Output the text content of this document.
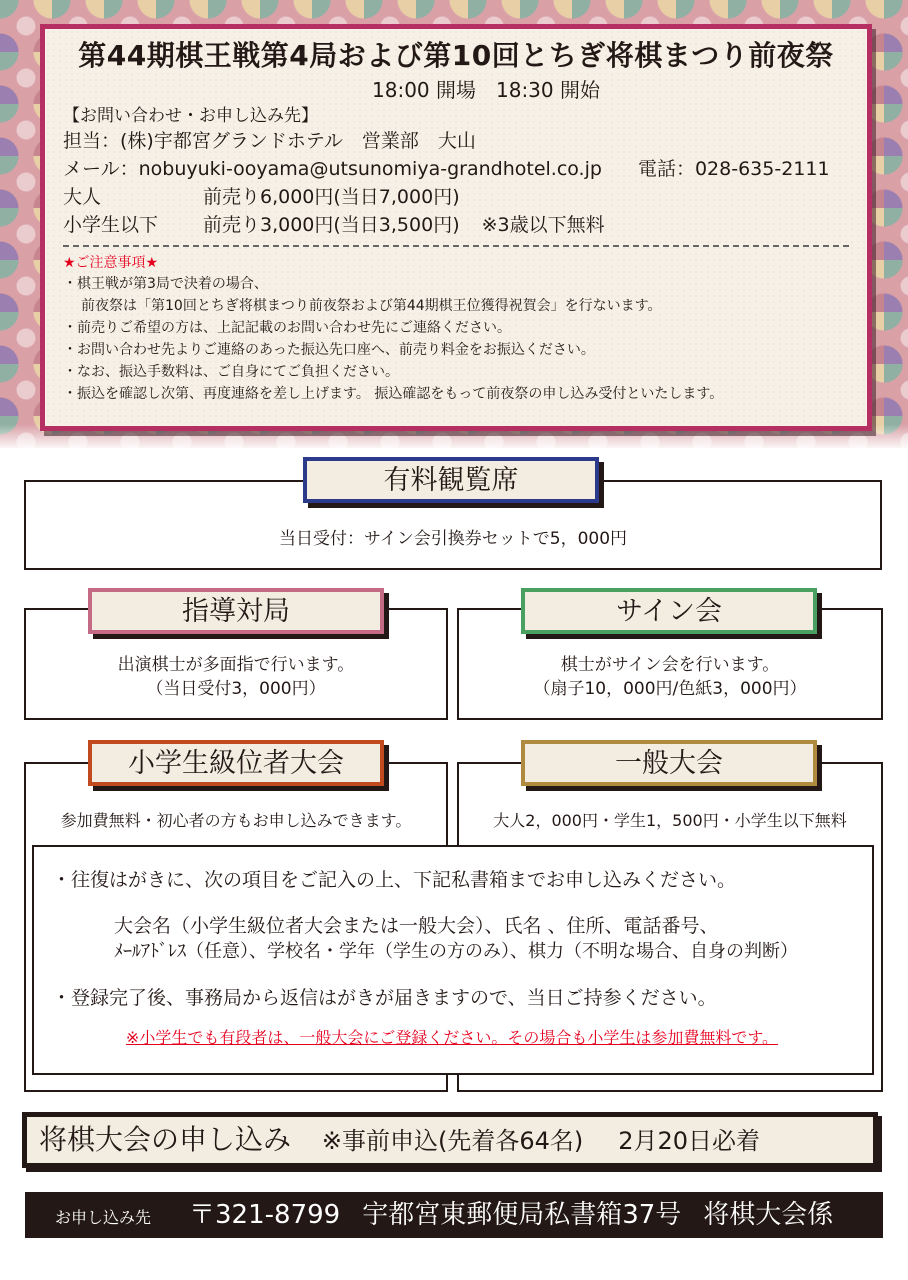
第44期棋王戦第4局および第10回とちぎ将棋まつり前夜祭
18:00 開場　18:30 開始
【お問い合わせ・お申し込み先】
担当：(株)宇都宮グランドホテル　営業部　大山
メール：nobuyuki-ooyama@utsunomiya-grandhotel.co.jp 電話：028-635-2111
大人	前売り6,000円(当日7,000円)
小学生以下 前売り3,000円(当日3,500円) ※3歳以下無料
★ご注意事項★
・棋王戦が第3局で決着の場合、
前夜祭は「第10回とちぎ将棋まつり前夜祭および第44期棋王位獲得祝賀会」を行ないます。
・前売りご希望の方は、上記記載のお問い合わせ先にご連絡ください。
・お問い合わせ先よりご連絡のあった振込先口座へ、前売り料金をお振込ください。
・なお、振込手数料は、ご自身にてご負担ください。
・振込を確認し次第、再度連絡を差し上げます。 振込確認をもって前夜祭の申し込み受付といたします。
当日受付：サイン会引換券セットで5，000円
有料観覧席
出演棋士が多面指で行います。
（当日受付3，000円）
指導対局
棋士がサイン会を行います。
（扇子10，000円/色紙3，000円）
サイン会
参加費無料・初心者の方もお申し込みできます。
小学生級位者大会
大人2，000円・学生1，500円・小学生以下無料
一般大会
・往復はがきに、次の項目をご記入の上、下記私書箱までお申し込みください。
大会名（小学生級位者大会または一般大会）、氏名 、住所、電話番号、
ﾒｰﾙｱﾄﾞﾚｽ（任意）、学校名・学年（学生の方のみ）、棋力（不明な場合、自身の判断）
・登録完了後、事務局から返信はがきが届きますので、当日ご持参ください。
※小学生でも有段者は、一般大会にご登録ください。その場合も小学生は参加費無料です。
将棋大会の申し込み ※事前申込(先着各64名) 2月20日必着
お申し込み先 〒321-8799 宇都宮東郵便局私書箱37号 将棋大会係
